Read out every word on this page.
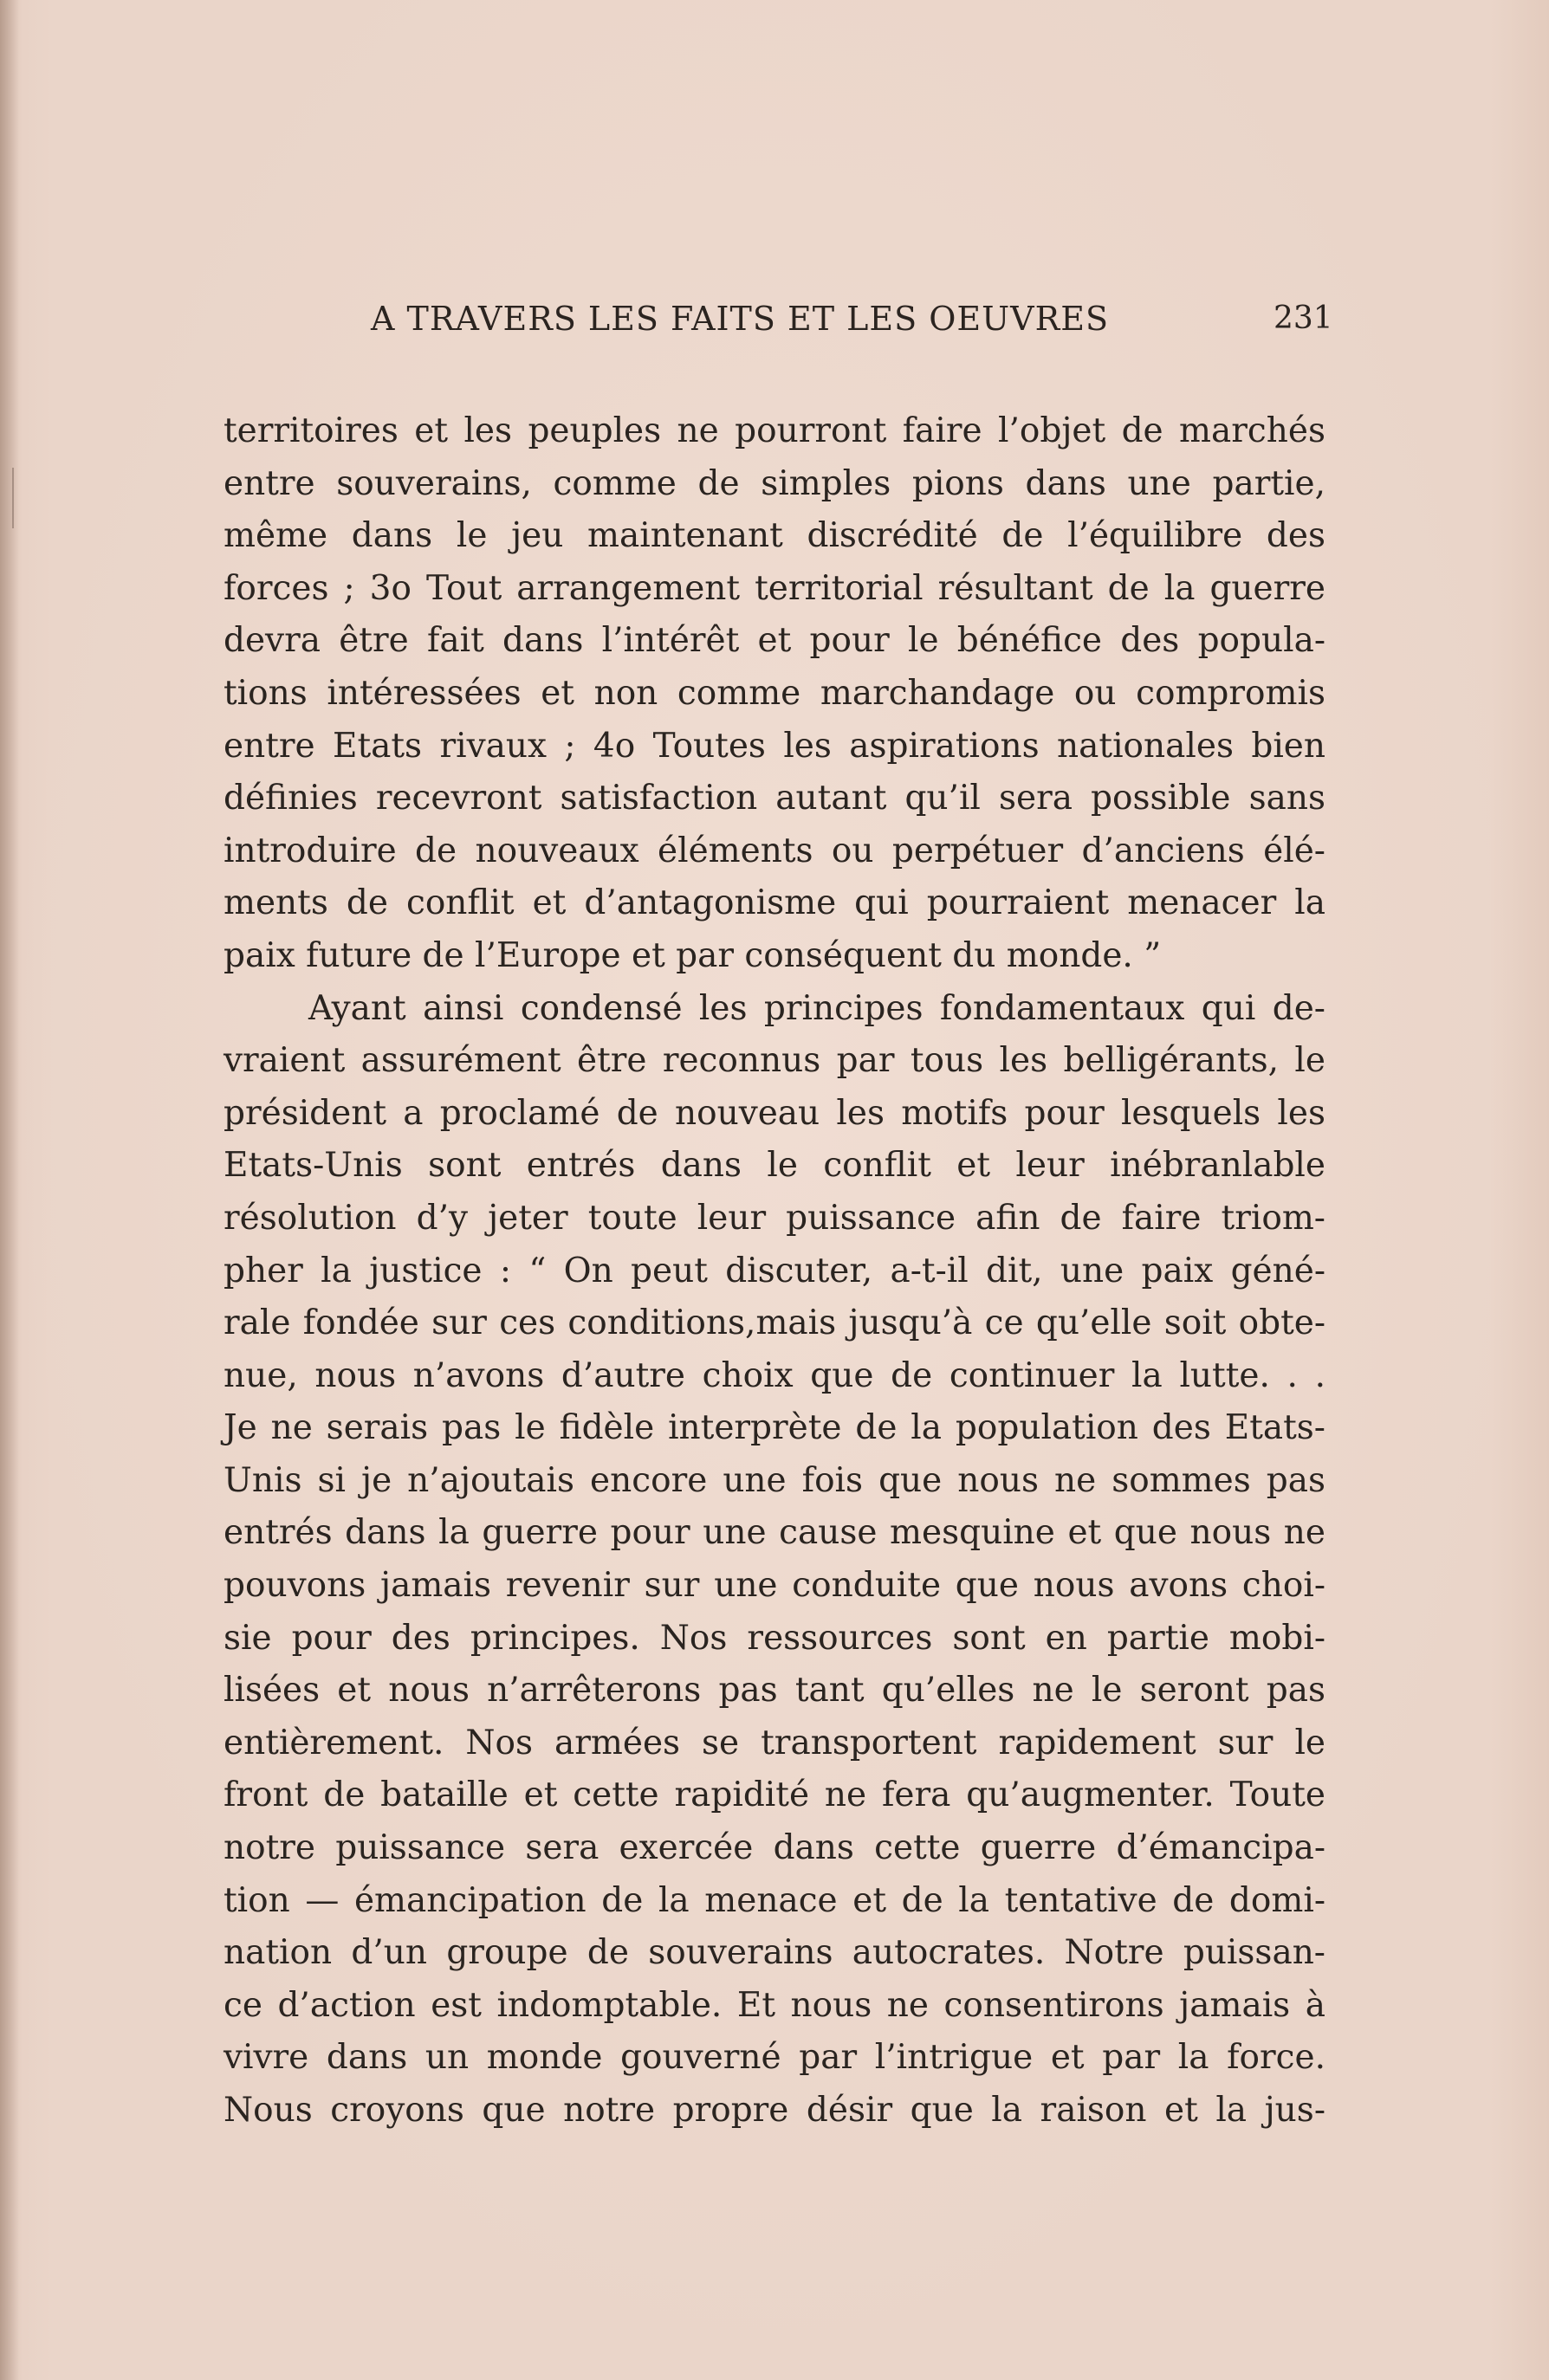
A TRAVERS LES FAITS ET LES OEUVRES	231
territoires et les peuples ne pourront faire l’objet de marchés
entre souverains, comme de simples pions dans une partie,
même dans le jeu maintenant discrédité de l’équilibre des
forces ; 3o Tout arrangement territorial résultant de la guerre
devra être fait dans l’intérêt et pour le bénéfice des popula-
tions intéressées et non comme marchandage ou compromis
entre Etats rivaux ; 4o Toutes les aspirations nationales bien
définies recevront satisfaction autant qu’il sera possible sans
introduire de nouveaux éléments ou perpétuer d’anciens élé-
ments de conflit et d’antagonisme qui pourraient menacer la
paix future de l’Europe et par conséquent du monde. ”
Ayant ainsi condensé les principes fondamentaux qui de-
vraient assurément être reconnus par tous les belligérants, le
président a proclamé de nouveau les motifs pour lesquels les
Etats-Unis sont entrés dans le conflit et leur inébranlable
résolution d’y jeter toute leur puissance afin de faire triom-
pher la justice : “ On peut discuter, a-t-il dit, une paix géné-
rale fondée sur ces conditions,mais jusqu’à ce qu’elle soit obte-
nue, nous n’avons d’autre choix que de continuer la lutte. . .
Je ne serais pas le fidèle interprète de la population des Etats-
Unis si je n’ajoutais encore une fois que nous ne sommes pas
entrés dans la guerre pour une cause mesquine et que nous ne
pouvons jamais revenir sur une conduite que nous avons choi-
sie pour des principes. Nos ressources sont en partie mobi-
lisées et nous n’arrêterons pas tant qu’elles ne le seront pas
entièrement. Nos armées se transportent rapidement sur le
front de bataille et cette rapidité ne fera qu’augmenter. Toute
notre puissance sera exercée dans cette guerre d’émancipa-
tion — émancipation de la menace et de la tentative de domi-
nation d’un groupe de souverains autocrates. Notre puissan-
ce d’action est indomptable. Et nous ne consentirons jamais à
vivre dans un monde gouverné par l’intrigue et par la force.
Nous croyons que notre propre désir que la raison et la jus-
